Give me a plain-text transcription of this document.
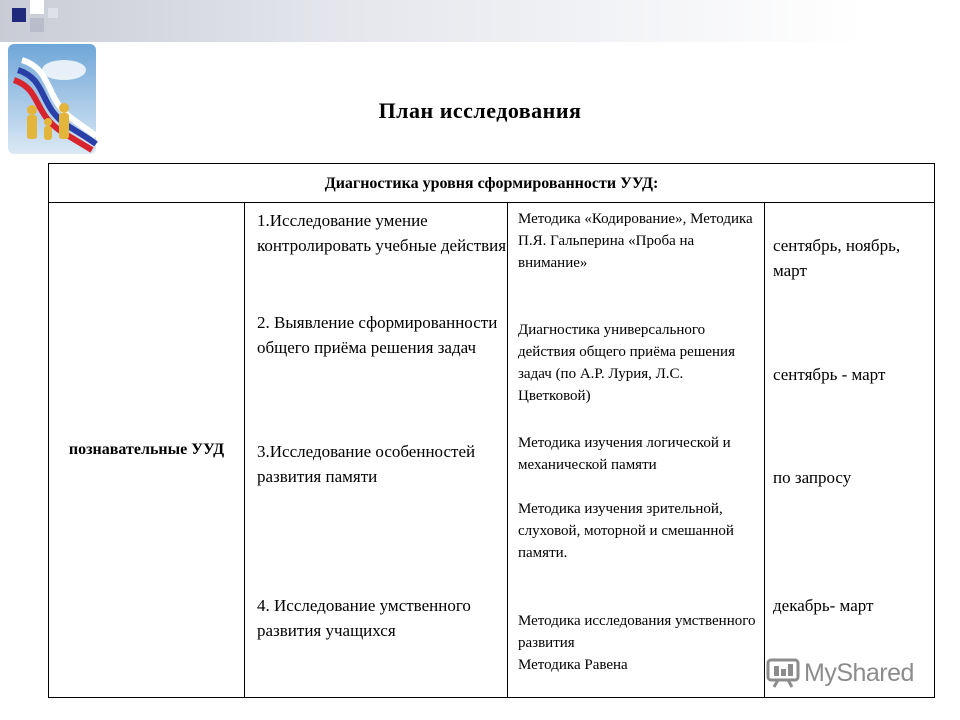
План исследования
Диагностика уровня сформированности УУД:
познавательные УУД
1.Исследование умение контролировать учебные действия
2. Выявление сформированности общего приёма решения задач
3.Исследование особенностей развития памяти
4. Исследование умственного развития учащихся
Методика «Кодирование», Методика П.Я. Гальперина «Проба на внимание»
Диагностика универсального действия общего приёма решения задач (по А.Р. Лурия, Л.С. Цветковой)
Методика изучения логической и механической памяти
Методика изучения зрительной, слуховой, моторной и смешанной памяти.
Методика исследования умственного развития
Методика Равена
сентябрь, ноябрь, март
сентябрь - март
по запросу
декабрь- март
MyShared
